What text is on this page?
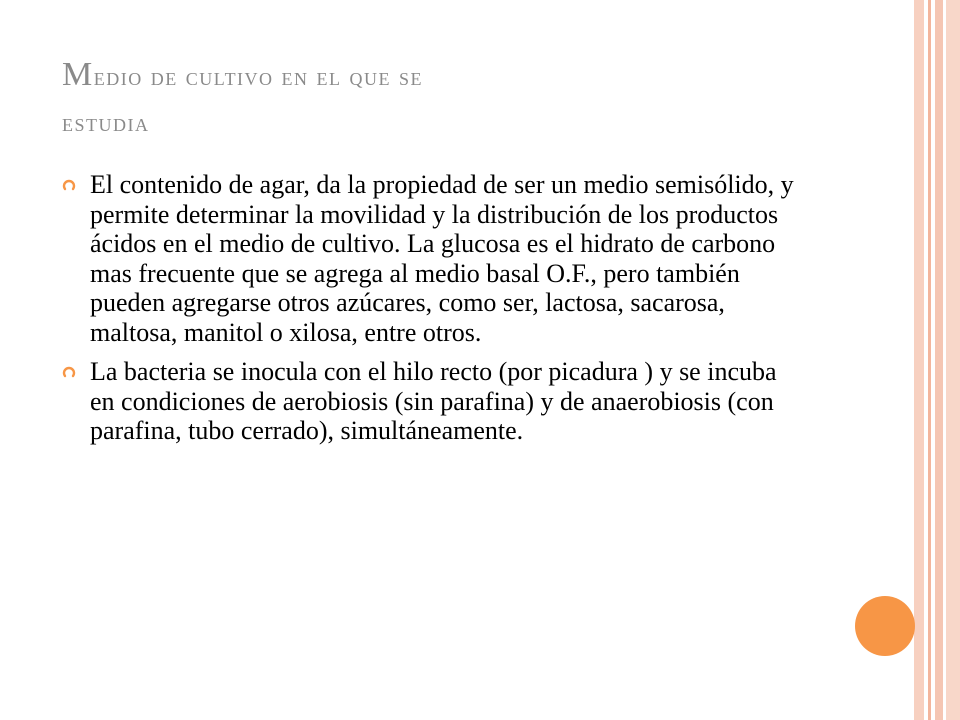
Medio de cultivo en el que se
estudia

El contenido de agar, da la propiedad de ser un medio semisólido, y permite determinar la movilidad y la distribución de los productos ácidos en el medio de cultivo. La glucosa es el hidrato de carbono mas frecuente que se agrega al medio basal O.F., pero también pueden agregarse otros azúcares, como ser, lactosa, sacarosa, maltosa, manitol o xilosa, entre otros.

La bacteria se inocula con el hilo recto (por picadura ) y se incuba en condiciones de aerobiosis (sin parafina) y de anaerobiosis (con parafina, tubo cerrado), simultáneamente.
